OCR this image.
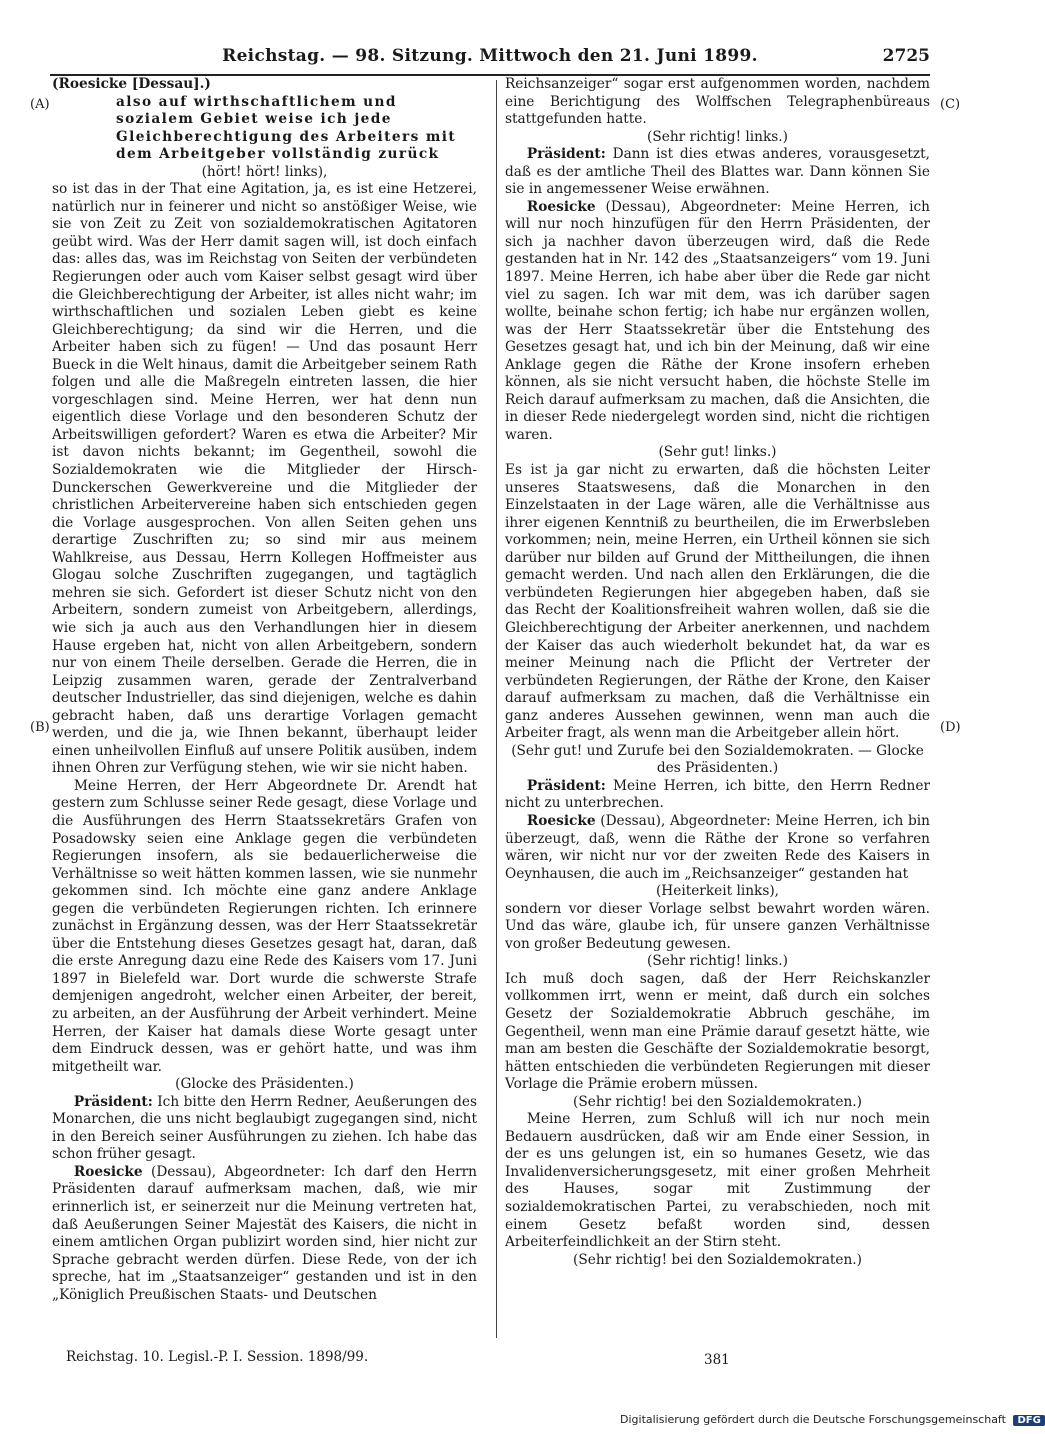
Reichstag. — 98. Sitzung. Mittwoch den 21. Juni 1899.	2725
(A)
(B)
(C)
(D)

(Roesicke [Dessau].)

also auf wirthschaftlichem und sozialem Gebiet weise ich jede Gleichberechtigung des Arbeiters mit dem Arbeitgeber vollständig zurück

(hört! hört! links),

so ist das in der That eine Agitation, ja, es ist eine Hetzerei, natürlich nur in feinerer und nicht so anstößiger Weise, wie sie von Zeit zu Zeit von sozialdemokratischen Agitatoren geübt wird. Was der Herr damit sagen will, ist doch einfach das: alles das, was im Reichstag von Seiten der verbündeten Regierungen oder auch vom Kaiser selbst gesagt wird über die Gleichberechtigung der Arbeiter, ist alles nicht wahr; im wirthschaftlichen und sozialen Leben giebt es keine Gleichberechtigung; da sind wir die Herren, und die Arbeiter haben sich zu fügen! — Und das posaunt Herr Bueck in die Welt hinaus, damit die Arbeitgeber seinem Rath folgen und alle die Maßregeln eintreten lassen, die hier vorgeschlagen sind. Meine Herren, wer hat denn nun eigentlich diese Vorlage und den besonderen Schutz der Arbeitswilligen gefordert? Waren es etwa die Arbeiter? Mir ist davon nichts bekannt; im Gegentheil, sowohl die Sozialdemokraten wie die Mitglieder der Hirsch-Dunckerschen Gewerkvereine und die Mitglieder der christlichen Arbeitervereine haben sich entschieden gegen die Vorlage ausgesprochen. Von allen Seiten gehen uns derartige Zuschriften zu; so sind mir aus meinem Wahlkreise, aus Dessau, Herrn Kollegen Hoffmeister aus Glogau solche Zuschriften zugegangen, und tagtäglich mehren sie sich. Gefordert ist dieser Schutz nicht von den Arbeitern, sondern zumeist von Arbeitgebern, allerdings, wie sich ja auch aus den Verhandlungen hier in diesem Hause ergeben hat, nicht von allen Arbeitgebern, sondern nur von einem Theile derselben. Gerade die Herren, die in Leipzig zusammen waren, gerade der Zentralverband deutscher Industrieller, das sind diejenigen, welche es dahin gebracht haben, daß uns derartige Vorlagen gemacht werden, und die ja, wie Ihnen bekannt, überhaupt leider einen unheilvollen Einfluß auf unsere Politik ausüben, indem ihnen Ohren zur Verfügung stehen, wie wir sie nicht haben.

Meine Herren, der Herr Abgeordnete Dr. Arendt hat gestern zum Schlusse seiner Rede gesagt, diese Vorlage und die Ausführungen des Herrn Staatssekretärs Grafen von Posadowsky seien eine Anklage gegen die verbündeten Regierungen insofern, als sie bedauerlicherweise die Verhältnisse so weit hätten kommen lassen, wie sie nunmehr gekommen sind. Ich möchte eine ganz andere Anklage gegen die verbündeten Regierungen richten. Ich erinnere zunächst in Ergänzung dessen, was der Herr Staatssekretär über die Entstehung dieses Gesetzes gesagt hat, daran, daß die erste Anregung dazu eine Rede des Kaisers vom 17. Juni 1897 in Bielefeld war. Dort wurde die schwerste Strafe demjenigen angedroht, welcher einen Arbeiter, der bereit, zu arbeiten, an der Ausführung der Arbeit verhindert. Meine Herren, der Kaiser hat damals diese Worte gesagt unter dem Eindruck dessen, was er gehört hatte, und was ihm mitgetheilt war.

(Glocke des Präsidenten.)

Präsident: Ich bitte den Herrn Redner, Aeußerungen des Monarchen, die uns nicht beglaubigt zugegangen sind, nicht in den Bereich seiner Ausführungen zu ziehen. Ich habe das schon früher gesagt.

Roesicke (Dessau), Abgeordneter: Ich darf den Herrn Präsidenten darauf aufmerksam machen, daß, wie mir erinnerlich ist, er seinerzeit nur die Meinung vertreten hat, daß Aeußerungen Seiner Majestät des Kaisers, die nicht in einem amtlichen Organ publizirt worden sind, hier nicht zur Sprache gebracht werden dürfen. Diese Rede, von der ich spreche, hat im „Staatsanzeiger“ gestanden und ist in den „Königlich Preußischen Staats- und Deutschen

Reichsanzeiger“ sogar erst aufgenommen worden, nachdem eine Berichtigung des Wolffschen Telegraphenbüreaus stattgefunden hatte.

(Sehr richtig! links.)

Präsident: Dann ist dies etwas anderes, vorausgesetzt, daß es der amtliche Theil des Blattes war. Dann können Sie sie in angemessener Weise erwähnen.

Roesicke (Dessau), Abgeordneter: Meine Herren, ich will nur noch hinzufügen für den Herrn Präsidenten, der sich ja nachher davon überzeugen wird, daß die Rede gestanden hat in Nr. 142 des „Staatsanzeigers“ vom 19. Juni 1897. Meine Herren, ich habe aber über die Rede gar nicht viel zu sagen. Ich war mit dem, was ich darüber sagen wollte, beinahe schon fertig; ich habe nur ergänzen wollen, was der Herr Staatssekretär über die Entstehung des Gesetzes gesagt hat, und ich bin der Meinung, daß wir eine Anklage gegen die Räthe der Krone insofern erheben können, als sie nicht versucht haben, die höchste Stelle im Reich darauf aufmerksam zu machen, daß die Ansichten, die in dieser Rede niedergelegt worden sind, nicht die richtigen waren.

(Sehr gut! links.)

Es ist ja gar nicht zu erwarten, daß die höchsten Leiter unseres Staatswesens, daß die Monarchen in den Einzelstaaten in der Lage wären, alle die Verhältnisse aus ihrer eigenen Kenntniß zu beurtheilen, die im Erwerbsleben vorkommen; nein, meine Herren, ein Urtheil können sie sich darüber nur bilden auf Grund der Mittheilungen, die ihnen gemacht werden. Und nach allen den Erklärungen, die die verbündeten Regierungen hier abgegeben haben, daß sie das Recht der Koalitionsfreiheit wahren wollen, daß sie die Gleichberechtigung der Arbeiter anerkennen, und nachdem der Kaiser das auch wiederholt bekundet hat, da war es meiner Meinung nach die Pflicht der Vertreter der verbündeten Regierungen, der Räthe der Krone, den Kaiser darauf aufmerksam zu machen, daß die Verhältnisse ein ganz anderes Aussehen gewinnen, wenn man auch die Arbeiter fragt, als wenn man die Arbeitgeber allein hört.

(Sehr gut! und Zurufe bei den Sozialdemokraten. — Glocke des Präsidenten.)

Präsident: Meine Herren, ich bitte, den Herrn Redner nicht zu unterbrechen.

Roesicke (Dessau), Abgeordneter: Meine Herren, ich bin überzeugt, daß, wenn die Räthe der Krone so verfahren wären, wir nicht nur vor der zweiten Rede des Kaisers in Oeynhausen, die auch im „Reichsanzeiger“ gestanden hat

(Heiterkeit links),

sondern vor dieser Vorlage selbst bewahrt worden wären. Und das wäre, glaube ich, für unsere ganzen Verhältnisse von großer Bedeutung gewesen.

(Sehr richtig! links.)

Ich muß doch sagen, daß der Herr Reichskanzler vollkommen irrt, wenn er meint, daß durch ein solches Gesetz der Sozialdemokratie Abbruch geschähe, im Gegentheil, wenn man eine Prämie darauf gesetzt hätte, wie man am besten die Geschäfte der Sozialdemokratie besorgt, hätten entschieden die verbündeten Regierungen mit dieser Vorlage die Prämie erobern müssen.

(Sehr richtig! bei den Sozialdemokraten.)

Meine Herren, zum Schluß will ich nur noch mein Bedauern ausdrücken, daß wir am Ende einer Session, in der es uns gelungen ist, ein so humanes Gesetz, wie das Invalidenversicherungsgesetz, mit einer großen Mehrheit des Hauses, sogar mit Zustimmung der sozialdemokratischen Partei, zu verabschieden, noch mit einem Gesetz befaßt worden sind, dessen Arbeiterfeindlichkeit an der Stirn steht.

(Sehr richtig! bei den Sozialdemokraten.)

Reichstag. 10. Legisl.-P. I. Session. 1898/99.	381
Digitalisierung gefördert durch die Deutsche Forschungsgemeinschaft DFG
